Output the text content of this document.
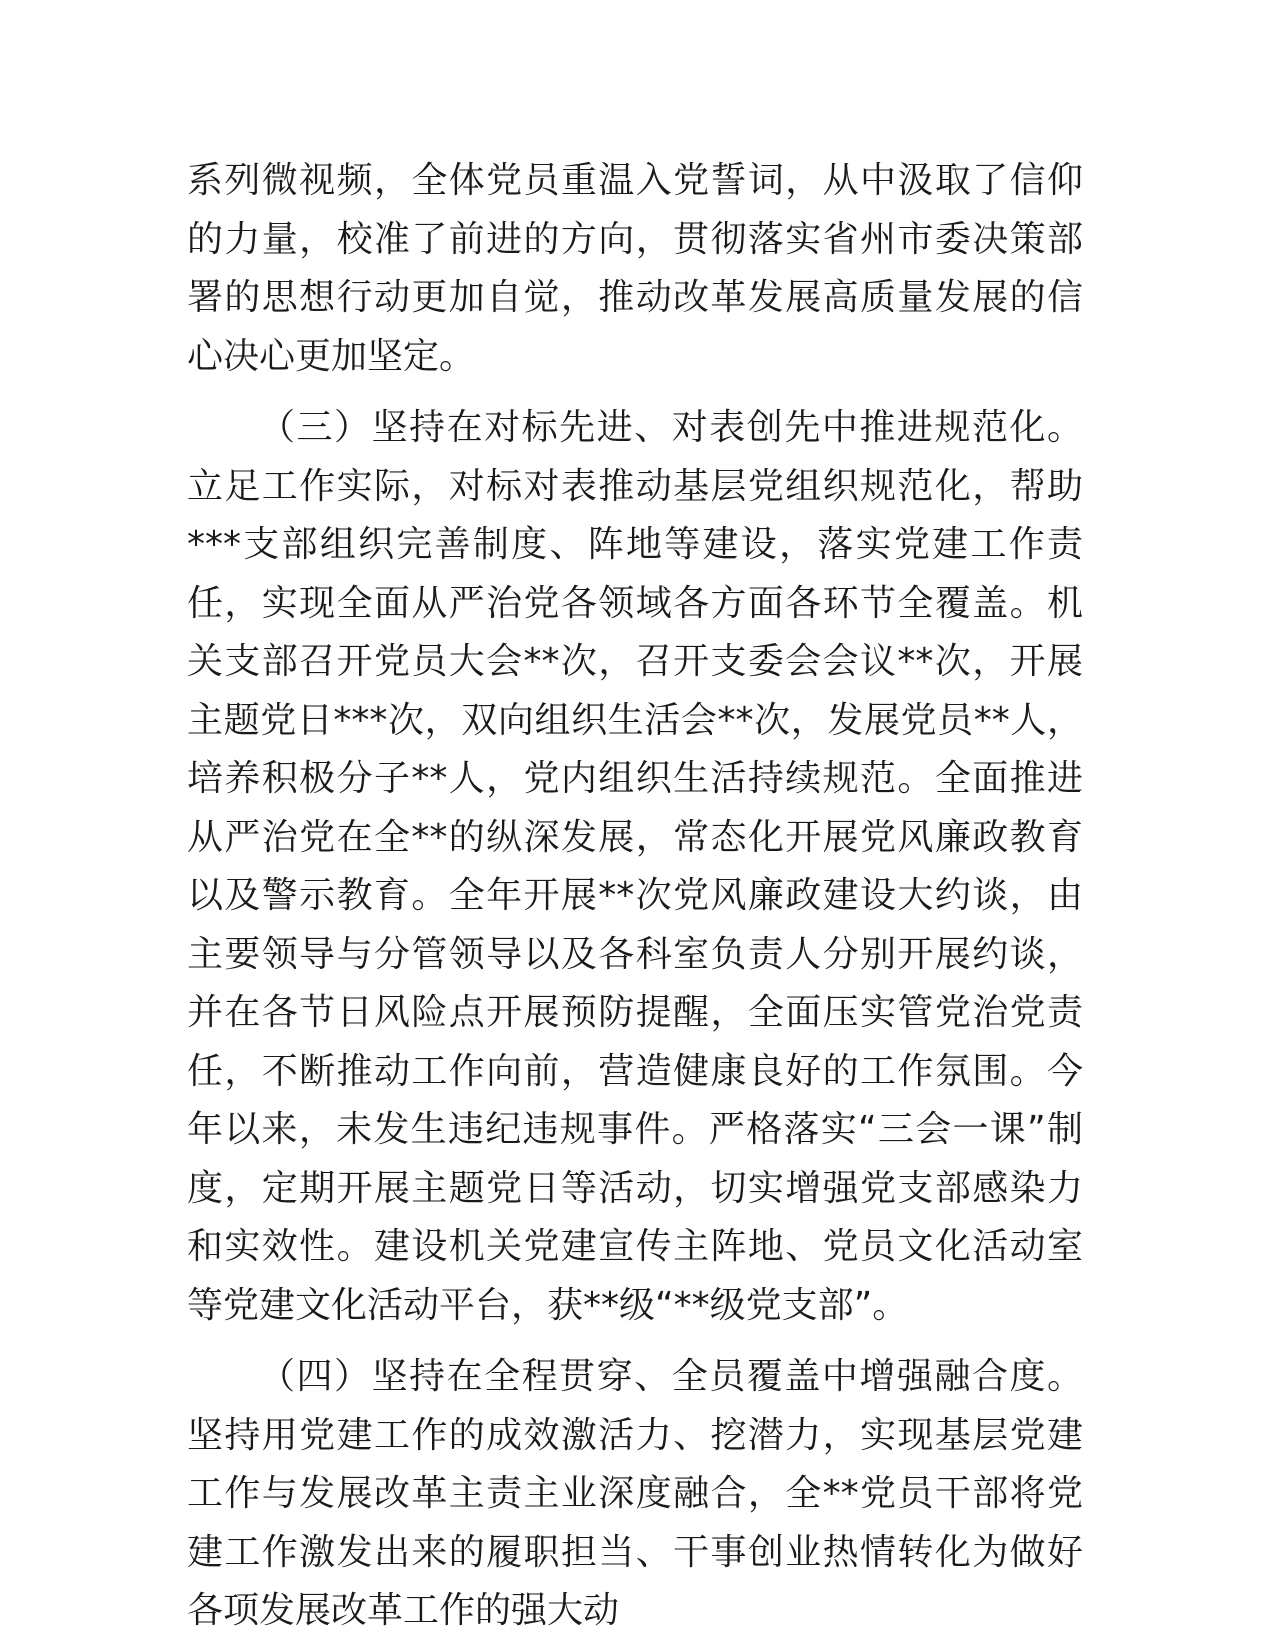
系列微视频，全体党员重温入党誓词，从中汲取了信仰的力量，校准了前进的方向，贯彻落实省州市委决策部署的思想行动更加自觉，推动改革发展高质量发展的信心决心更加坚定。

（三）坚持在对标先进、对表创先中推进规范化。立足工作实际，对标对表推动基层党组织规范化，帮助***支部组织完善制度、阵地等建设，落实党建工作责任，实现全面从严治党各领域各方面各环节全覆盖。机关支部召开党员大会**次，召开支委会会议**次，开展主题党日***次，双向组织生活会**次，发展党员**人，培养积极分子**人，党内组织生活持续规范。全面推进从严治党在全**的纵深发展，常态化开展党风廉政教育以及警示教育。全年开展**次党风廉政建设大约谈，由主要领导与分管领导以及各科室负责人分别开展约谈，并在各节日风险点开展预防提醒，全面压实管党治党责任，不断推动工作向前，营造健康良好的工作氛围。今年以来，未发生违纪违规事件。严格落实“三会一课”制度，定期开展主题党日等活动，切实增强党支部感染力和实效性。建设机关党建宣传主阵地、党员文化活动室等党建文化活动平台，获**级“**级党支部”。

（四）坚持在全程贯穿、全员覆盖中增强融合度。坚持用党建工作的成效激活力、挖潜力，实现基层党建工作与发展改革主责主业深度融合，全**党员干部将党建工作激发出来的履职担当、干事创业热情转化为做好各项发展改革工作的强大动
